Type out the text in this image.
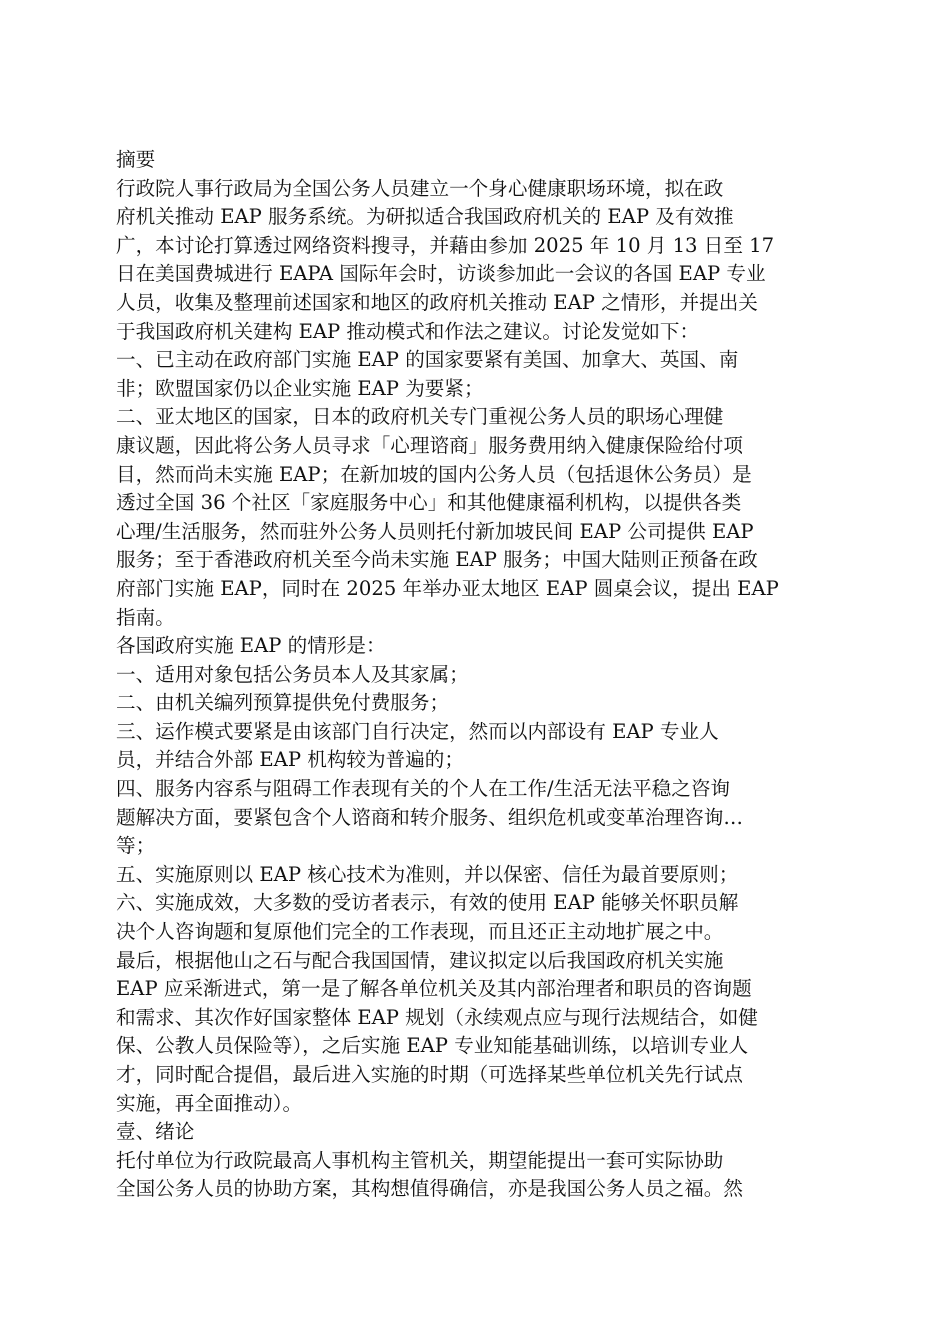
摘要

行政院人事行政局为全国公务人员建立一个身心健康职场环境，拟在政

府机关推动 EAP 服务系统。为研拟适合我国政府机关的 EAP 及有效推

广，本讨论打算透过网络资料搜寻，并藉由参加 2025 年 10 月 13 日至 17

日在美国费城进行 EAPA 国际年会时，访谈参加此一会议的各国 EAP 专业

人员，收集及整理前述国家和地区的政府机关推动 EAP 之情形，并提出关

于我国政府机关建构 EAP 推动模式和作法之建议。讨论发觉如下：

一、已主动在政府部门实施 EAP 的国家要紧有美国、加拿大、英国、南

非；欧盟国家仍以企业实施 EAP 为要紧；

二、亚太地区的国家，日本的政府机关专门重视公务人员的职场心理健

康议题，因此将公务人员寻求「心理谘商」服务费用纳入健康保险给付项

目，然而尚未实施 EAP；在新加坡的国内公务人员（包括退休公务员）是

透过全国 36 个社区「家庭服务中心」和其他健康福利机构，以提供各类

心理/生活服务，然而驻外公务人员则托付新加坡民间 EAP 公司提供 EAP

服务；至于香港政府机关至今尚未实施 EAP 服务；中国大陆则正预备在政

府部门实施 EAP，同时在 2025 年举办亚太地区 EAP 圆桌会议，提出 EAP

指南。

各国政府实施 EAP 的情形是：

一、适用对象包括公务员本人及其家属；

二、由机关编列预算提供免付费服务；

三、运作模式要紧是由该部门自行决定，然而以内部设有 EAP 专业人

员，并结合外部 EAP 机构较为普遍的；

四、服务内容系与阻碍工作表现有关的个人在工作/生活无法平稳之咨询

题解决方面，要紧包含个人谘商和转介服务、组织危机或变革治理咨询…

等；

五、实施原则以 EAP 核心技术为准则，并以保密、信任为最首要原则；

六、实施成效，大多数的受访者表示，有效的使用 EAP 能够关怀职员解

决个人咨询题和复原他们完全的工作表现，而且还正主动地扩展之中。

最后，根据他山之石与配合我国国情，建议拟定以后我国政府机关实施

EAP 应采渐进式，第一是了解各单位机关及其内部治理者和职员的咨询题

和需求、其次作好国家整体 EAP 规划（永续观点应与现行法规结合，如健

保、公教人员保险等），之后实施 EAP 专业知能基础训练，以培训专业人

才，同时配合提倡，最后进入实施的时期（可选择某些单位机关先行试点

实施，再全面推动）。

壹、绪论

托付单位为行政院最高人事机构主管机关，期望能提出一套可实际协助

全国公务人员的协助方案，其构想值得确信，亦是我国公务人员之福。然
